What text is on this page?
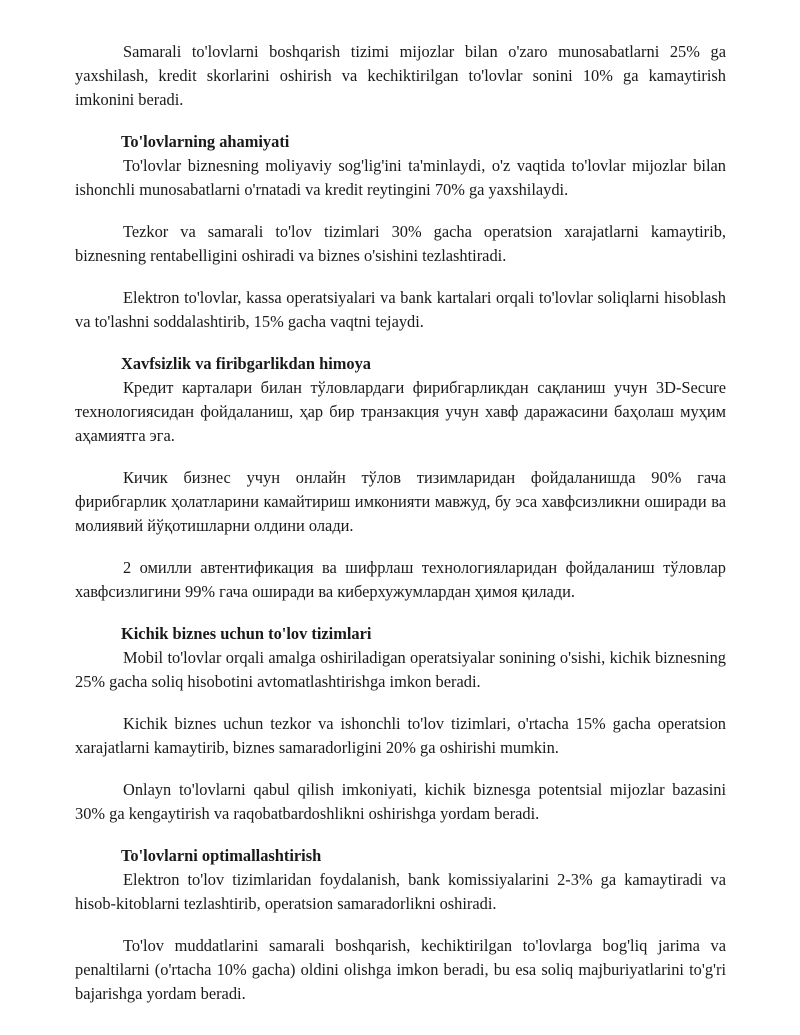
Samarali to'lovlarni boshqarish tizimi mijozlar bilan o'zaro munosabatlarni 25% ga yaxshilash, kredit skorlarini oshirish va kechiktirilgan to'lovlar sonini 10% ga kamaytirish imkonini beradi.

To'lovlarning ahamiyati

To'lovlar biznesning moliyaviy sog'lig'ini ta'minlaydi, o'z vaqtida to'lovlar mijozlar bilan ishonchli munosabatlarni o'rnatadi va kredit reytingini 70% ga yaxshilaydi.

Tezkor va samarali to'lov tizimlari 30% gacha operatsion xarajatlarni kamaytirib, biznesning rentabelligini oshiradi va biznes o'sishini tezlashtiradi.

Elektron to'lovlar, kassa operatsiyalari va bank kartalari orqali to'lovlar soliqlarni hisoblash va to'lashni soddalashtirib, 15% gacha vaqtni tejaydi.

Xavfsizlik va firibgarlikdan himoya

Кредит карталари билан тўловлардаги фирибгарликдан сақланиш учун 3D-Secure технологиясидан фойдаланиш, ҳар бир транзакция учун хавф даражасини баҳолаш муҳим аҳамиятга эга.

Кичик бизнес учун онлайн тўлов тизимларидан фойдаланишда 90% гача фирибгарлик ҳолатларини камайтириш имконияти мавжуд, бу эса хавфсизликни оширади ва молиявий йўқотишларни олдини олади.

2 омилли автентификация ва шифрлаш технологияларидан фойдаланиш тўловлар хавфсизлигини 99% гача оширади ва киберхужумлардан ҳимоя қилади.

Kichik biznes uchun to'lov tizimlari

Mobil to'lovlar orqali amalga oshiriladigan operatsiyalar sonining o'sishi, kichik biznesning 25% gacha soliq hisobotini avtomatlashtirishga imkon beradi.

Kichik biznes uchun tezkor va ishonchli to'lov tizimlari, o'rtacha 15% gacha operatsion xarajatlarni kamaytirib, biznes samaradorligini 20% ga oshirishi mumkin.

Onlayn to'lovlarni qabul qilish imkoniyati, kichik biznesga potentsial mijozlar bazasini 30% ga kengaytirish va raqobatbardoshlikni oshirishga yordam beradi.

To'lovlarni optimallashtirish

Elektron to'lov tizimlaridan foydalanish, bank komissiyalarini 2-3% ga kamaytiradi va hisob-kitoblarni tezlashtirib, operatsion samaradorlikni oshiradi.

To'lov muddatlarini samarali boshqarish, kechiktirilgan to'lovlarga bog'liq jarima va penaltilarni (o'rtacha 10% gacha) oldini olishga imkon beradi, bu esa soliq majburiyatlarini to'g'ri bajarishga yordam beradi.
